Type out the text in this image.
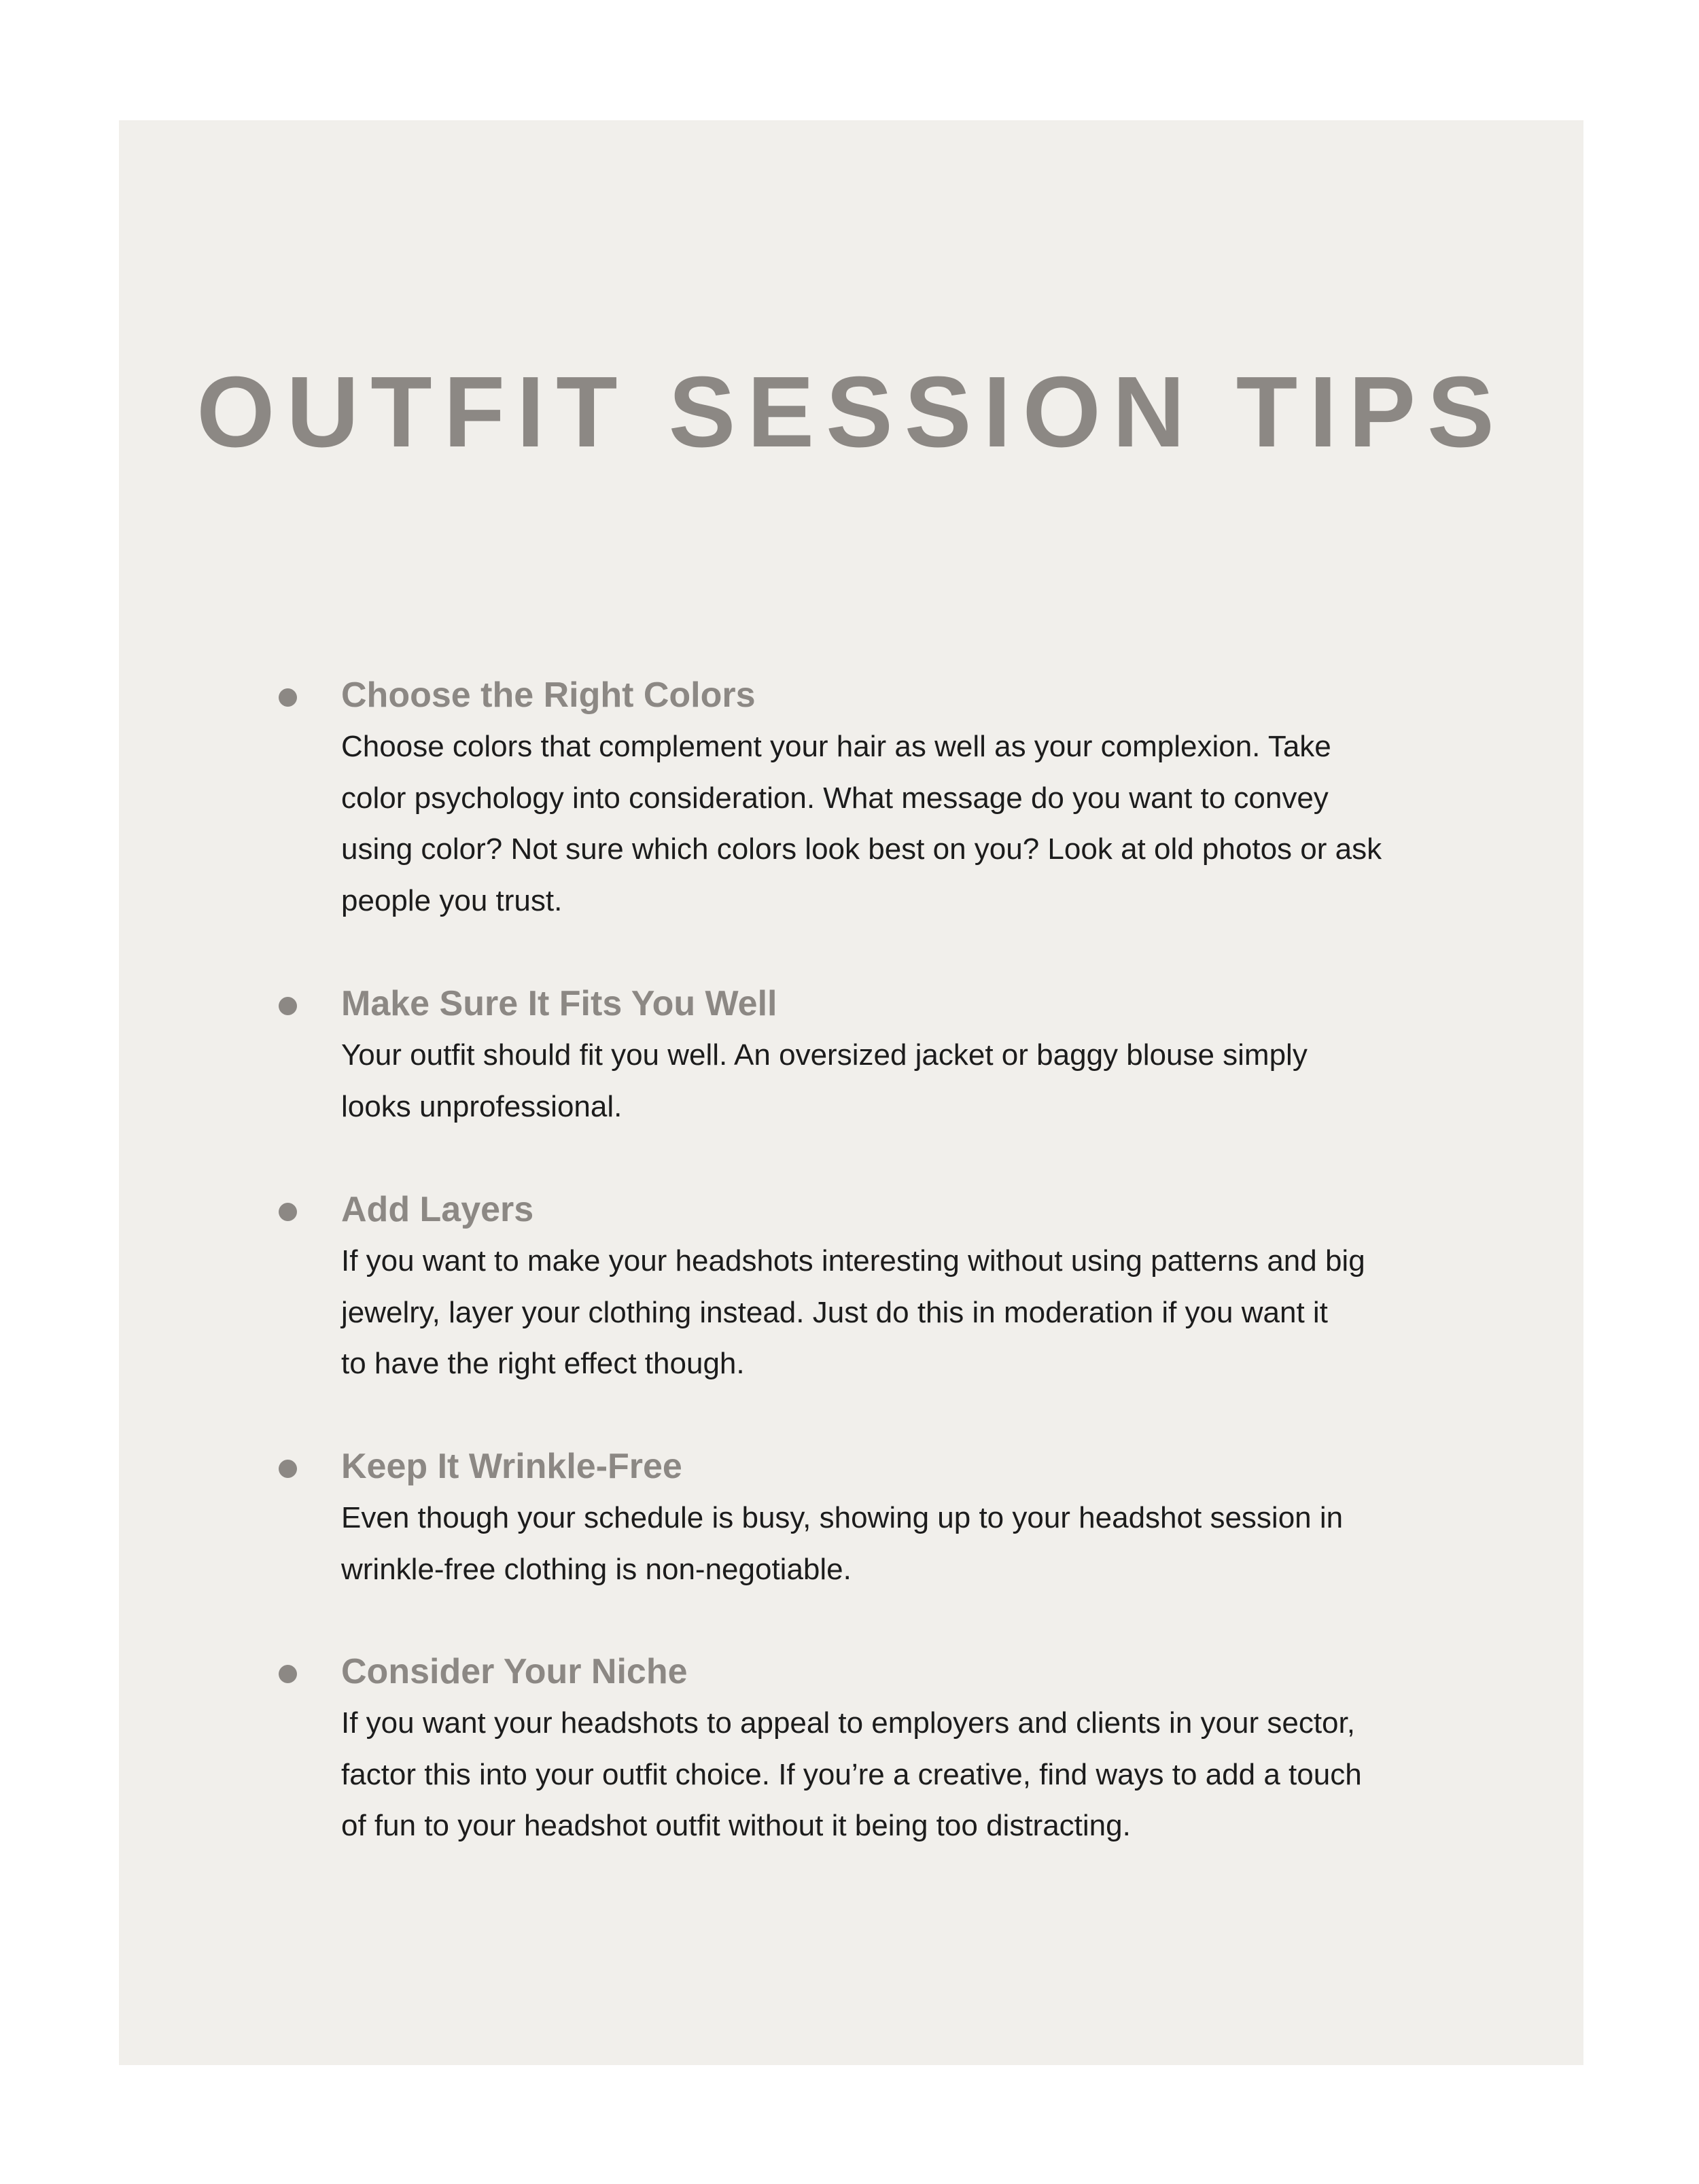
OUTFIT SESSION TIPS
Choose the Right Colors

Choose colors that complement your hair as well as your complexion. Take
color psychology into consideration. What message do you want to convey
using color? Not sure which colors look best on you? Look at old photos or ask
people you trust.

Make Sure It Fits You Well

Your outfit should fit you well. An oversized jacket or baggy blouse simply
looks unprofessional.

Add Layers

If you want to make your headshots interesting without using patterns and big
jewelry, layer your clothing instead. Just do this in moderation if you want it
to have the right effect though.

Keep It Wrinkle-Free

Even though your schedule is busy, showing up to your headshot session in
wrinkle-free clothing is non-negotiable.

Consider Your Niche

If you want your headshots to appeal to employers and clients in your sector,
factor this into your outfit choice. If you’re a creative, find ways to add a touch
of fun to your headshot outfit without it being too distracting.
